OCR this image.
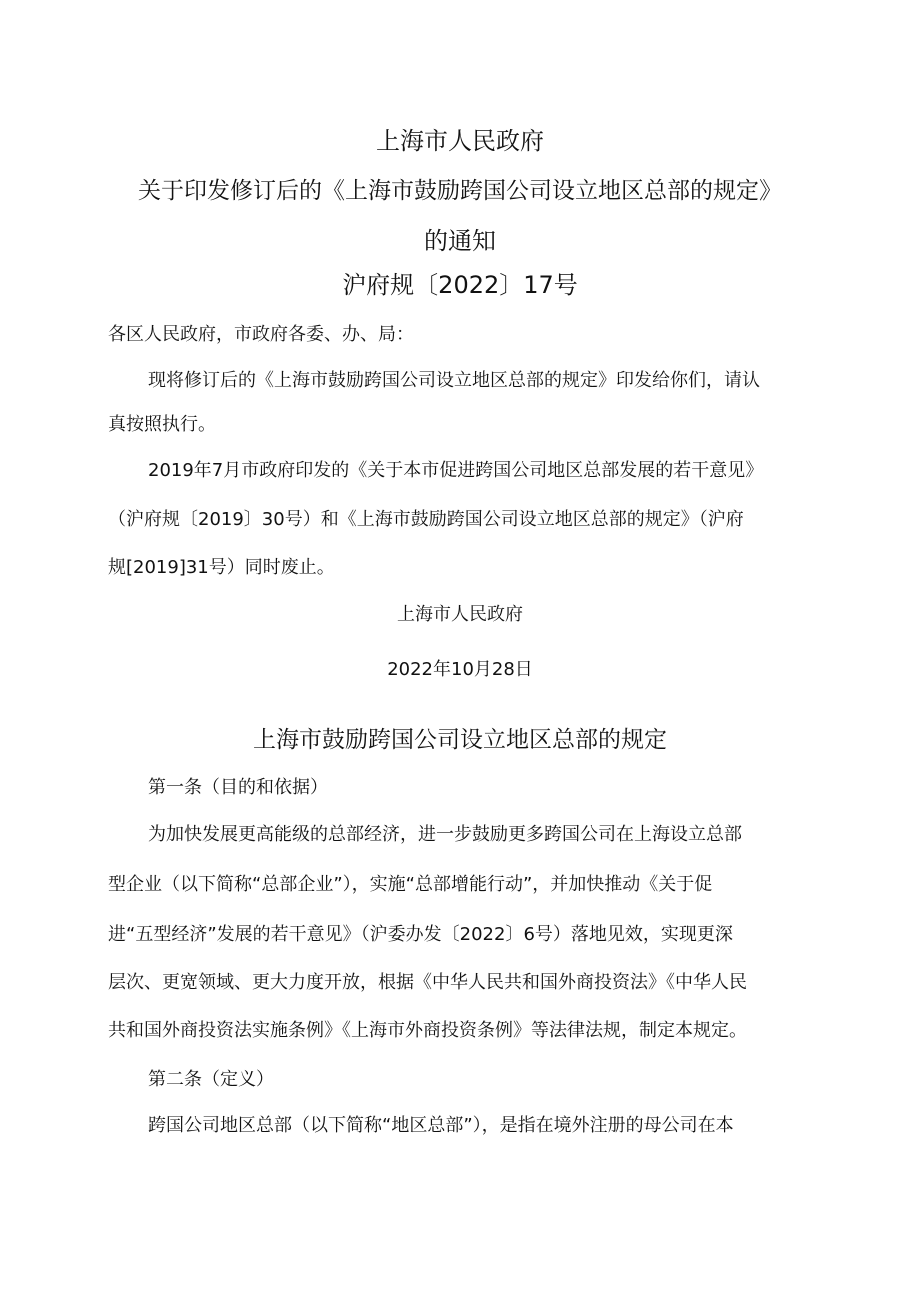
上海市人民政府
关于印发修订后的《上海市鼓励跨国公司设立地区总部的规定》
的通知
沪府规〔2022〕17号
各区人民政府，市政府各委、办、局：
现将修订后的《上海市鼓励跨国公司设立地区总部的规定》印发给你们，请认
真按照执行。
2019年7月市政府印发的《关于本市促进跨国公司地区总部发展的若干意见》
（沪府规〔2019〕30号）和《上海市鼓励跨国公司设立地区总部的规定》（沪府
规[2019]31号）同时废止。
上海市人民政府
2022年10月28日
上海市鼓励跨国公司设立地区总部的规定
第一条（目的和依据）
为加快发展更高能级的总部经济，进一步鼓励更多跨国公司在上海设立总部
型企业（以下简称“总部企业”），实施“总部增能行动”，并加快推动《关于促
进“五型经济”发展的若干意见》（沪委办发〔2022〕6号）落地见效，实现更深
层次、更宽领域、更大力度开放，根据《中华人民共和国外商投资法》《中华人民
共和国外商投资法实施条例》《上海市外商投资条例》等法律法规，制定本规定。
第二条（定义）
跨国公司地区总部（以下简称“地区总部”），是指在境外注册的母公司在本
